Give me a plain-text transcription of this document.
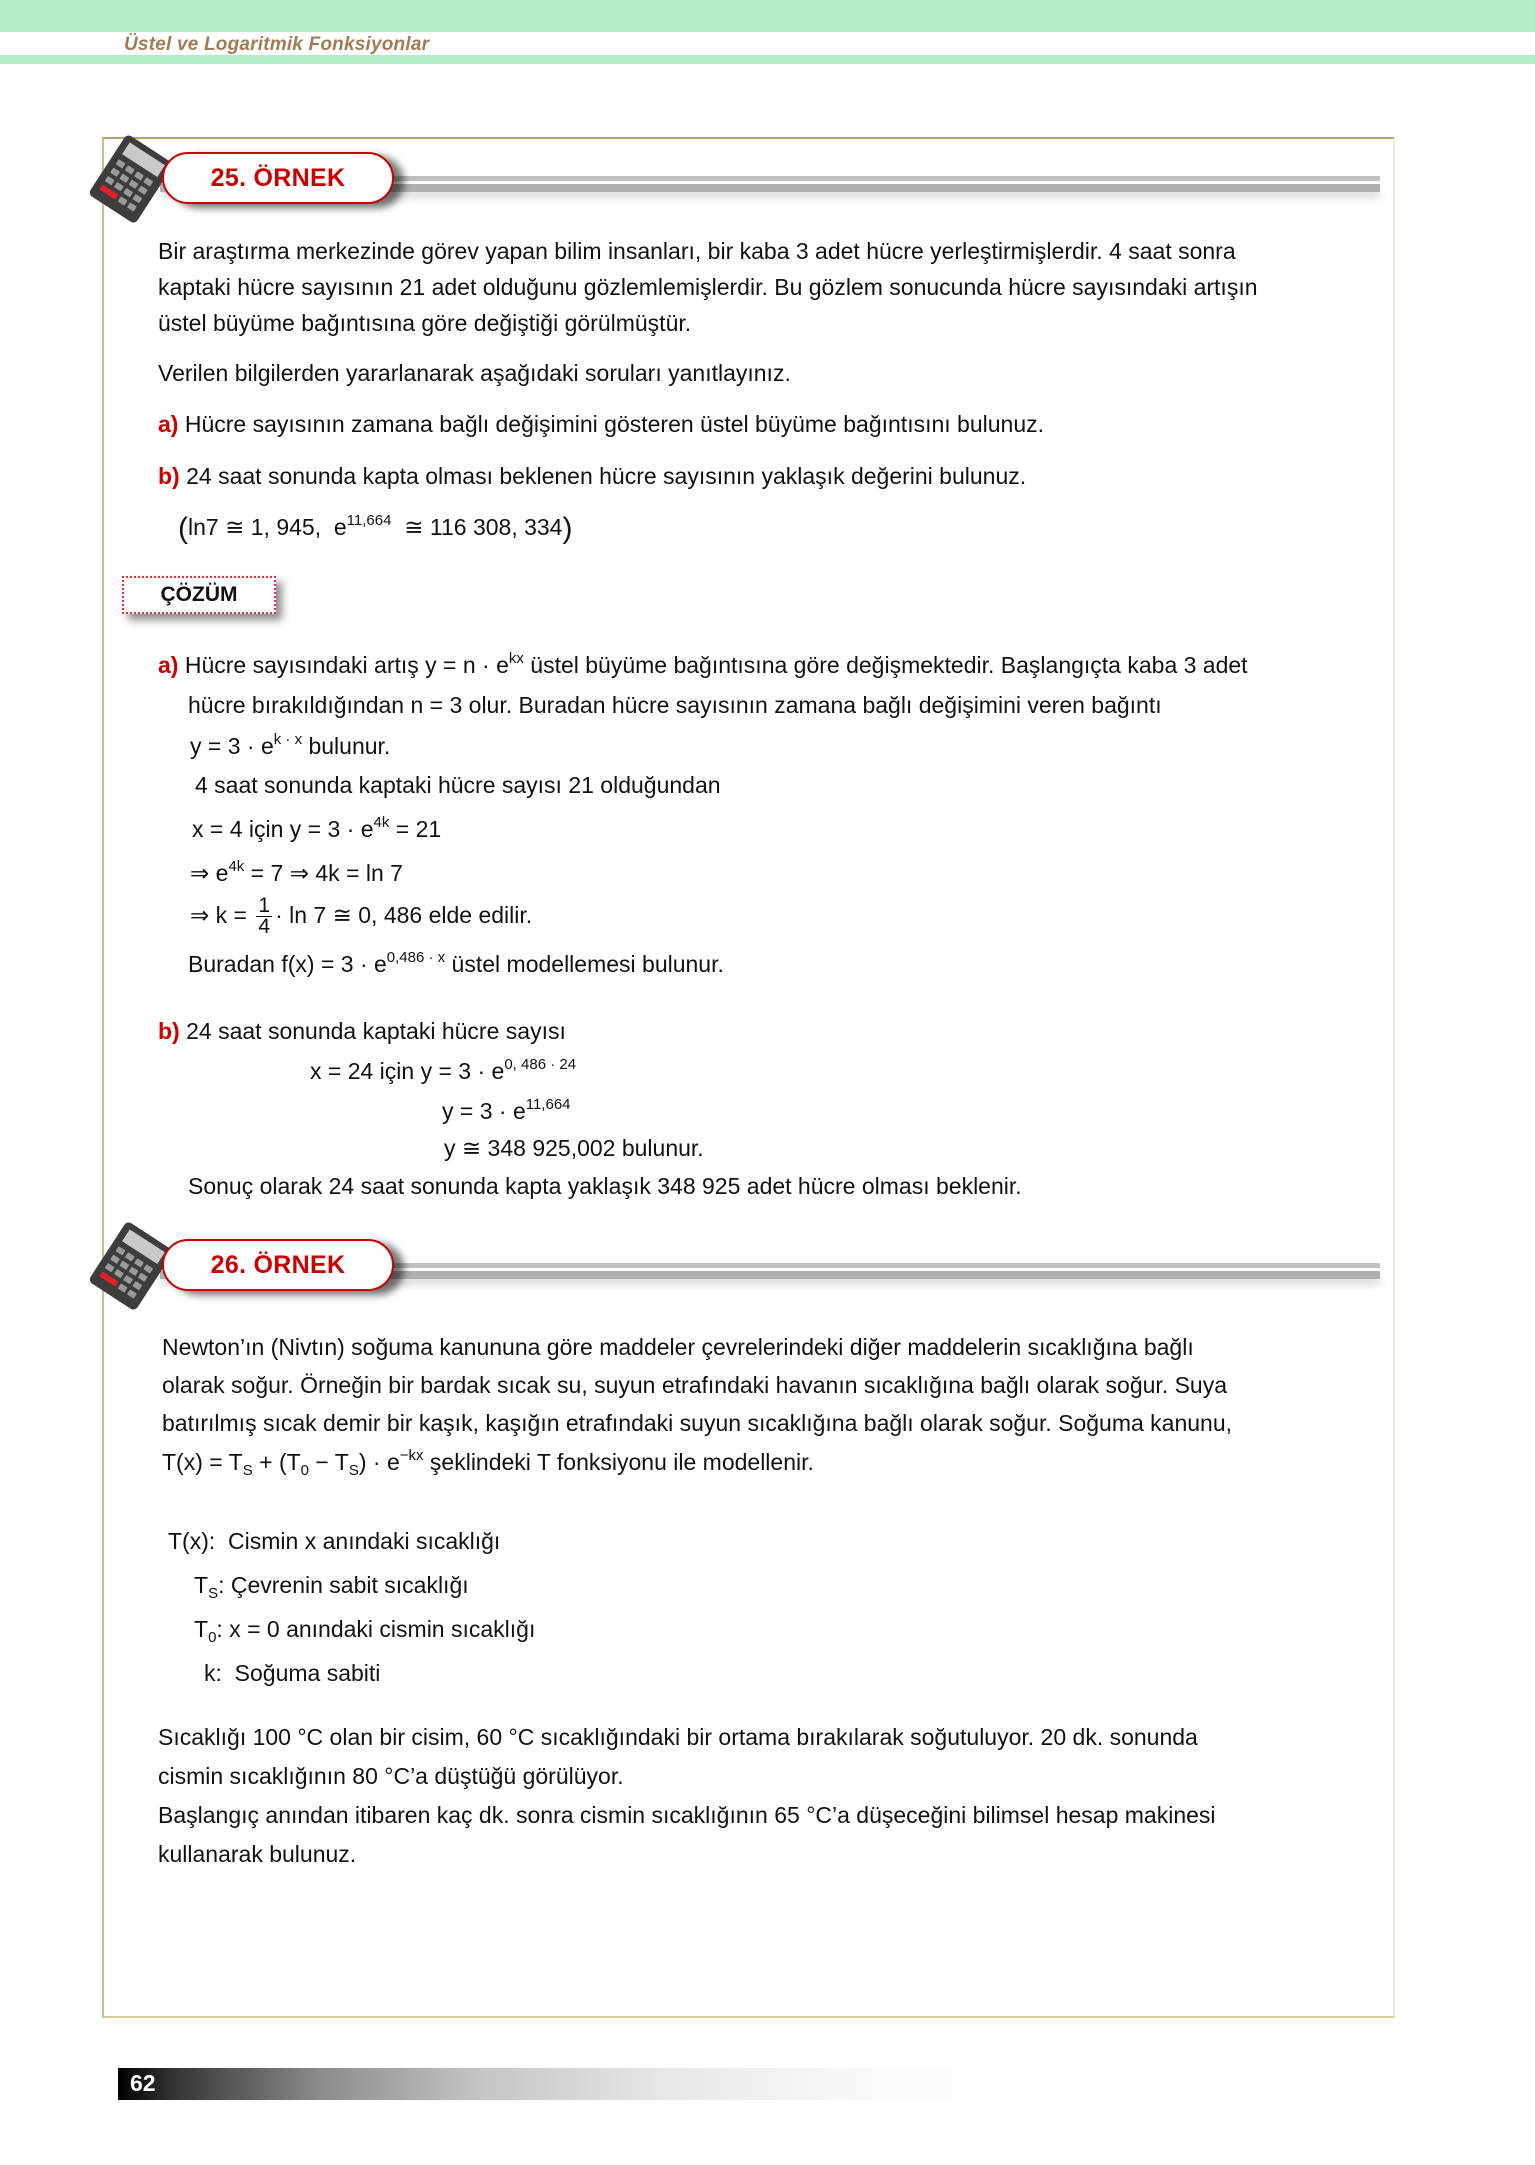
Üstel ve Logaritmik Fonksiyonlar
25. ÖRNEK
Bir araştırma merkezinde görev yapan bilim insanları, bir kaba 3 adet hücre yerleştirmişlerdir. 4 saat sonra
kaptaki hücre sayısının 21 adet olduğunu gözlemlemişlerdir. Bu gözlem sonucunda hücre sayısındaki artışın
üstel büyüme bağıntısına göre değiştiği görülmüştür.
Verilen bilgilerden yararlanarak aşağıdaki soruları yanıtlayınız.
a) Hücre sayısının zamana bağlı değişimini gösteren üstel büyüme bağıntısını bulunuz.
b) 24 saat sonunda kapta olması beklenen hücre sayısının yaklaşık değerini bulunuz.
(ln7 ≅ 1, 945, $e^{11,664}$ ≅ 116 308, 334)
ÇÖZÜM
a) Hücre sayısındaki artış $y = n \cdot e^{kx}$ üstel büyüme bağıntısına göre değişmektedir. Başlangıçta kaba 3 adet
hücre bırakıldığından n = 3 olur. Buradan hücre sayısının zamana bağlı değişimini veren bağıntı
$y = 3 \cdot e^{k \cdot x}$ bulunur.
4 saat sonunda kaptaki hücre sayısı 21 olduğundan
x = 4 için $y = 3 \cdot e^{4k} = 21$
⇒ $e^{4k} = 7$ ⇒ 4k = ln 7
⇒ $k = \frac{1}{4} \cdot \ln 7$ ≅ 0, 486 elde edilir.
Buradan $f(x) = 3 \cdot e^{0,486 \cdot x}$ üstel modellemesi bulunur.
b) 24 saat sonunda kaptaki hücre sayısı
x = 24 için $y = 3 \cdot e^{0, 486 \cdot 24}$
$y = 3 \cdot e^{11,664}$
y ≅ 348 925,002 bulunur.
Sonuç olarak 24 saat sonunda kapta yaklaşık 348 925 adet hücre olması beklenir.
26. ÖRNEK
Newton’ın (Nivtın) soğuma kanununa göre maddeler çevrelerindeki diğer maddelerin sıcaklığına bağlı
olarak soğur. Örneğin bir bardak sıcak su, suyun etrafındaki havanın sıcaklığına bağlı olarak soğur. Suya
batırılmış sıcak demir bir kaşık, kaşığın etrafındaki suyun sıcaklığına bağlı olarak soğur. Soğuma kanunu,
$T(x) = T_S + (T_0 - T_S) \cdot e^{-kx}$ şeklindeki T fonksiyonu ile modellenir.
T(x): Cismin x anındaki sıcaklığı
$T_S$: Çevrenin sabit sıcaklığı
$T_0$: x = 0 anındaki cismin sıcaklığı
k: Soğuma sabiti
Sıcaklığı 100 °C olan bir cisim, 60 °C sıcaklığındaki bir ortama bırakılarak soğutuluyor. 20 dk. sonunda
cismin sıcaklığının 80 °C’a düştüğü görülüyor.
Başlangıç anından itibaren kaç dk. sonra cismin sıcaklığının 65 °C’a düşeceğini bilimsel hesap makinesi
kullanarak bulunuz.
62
